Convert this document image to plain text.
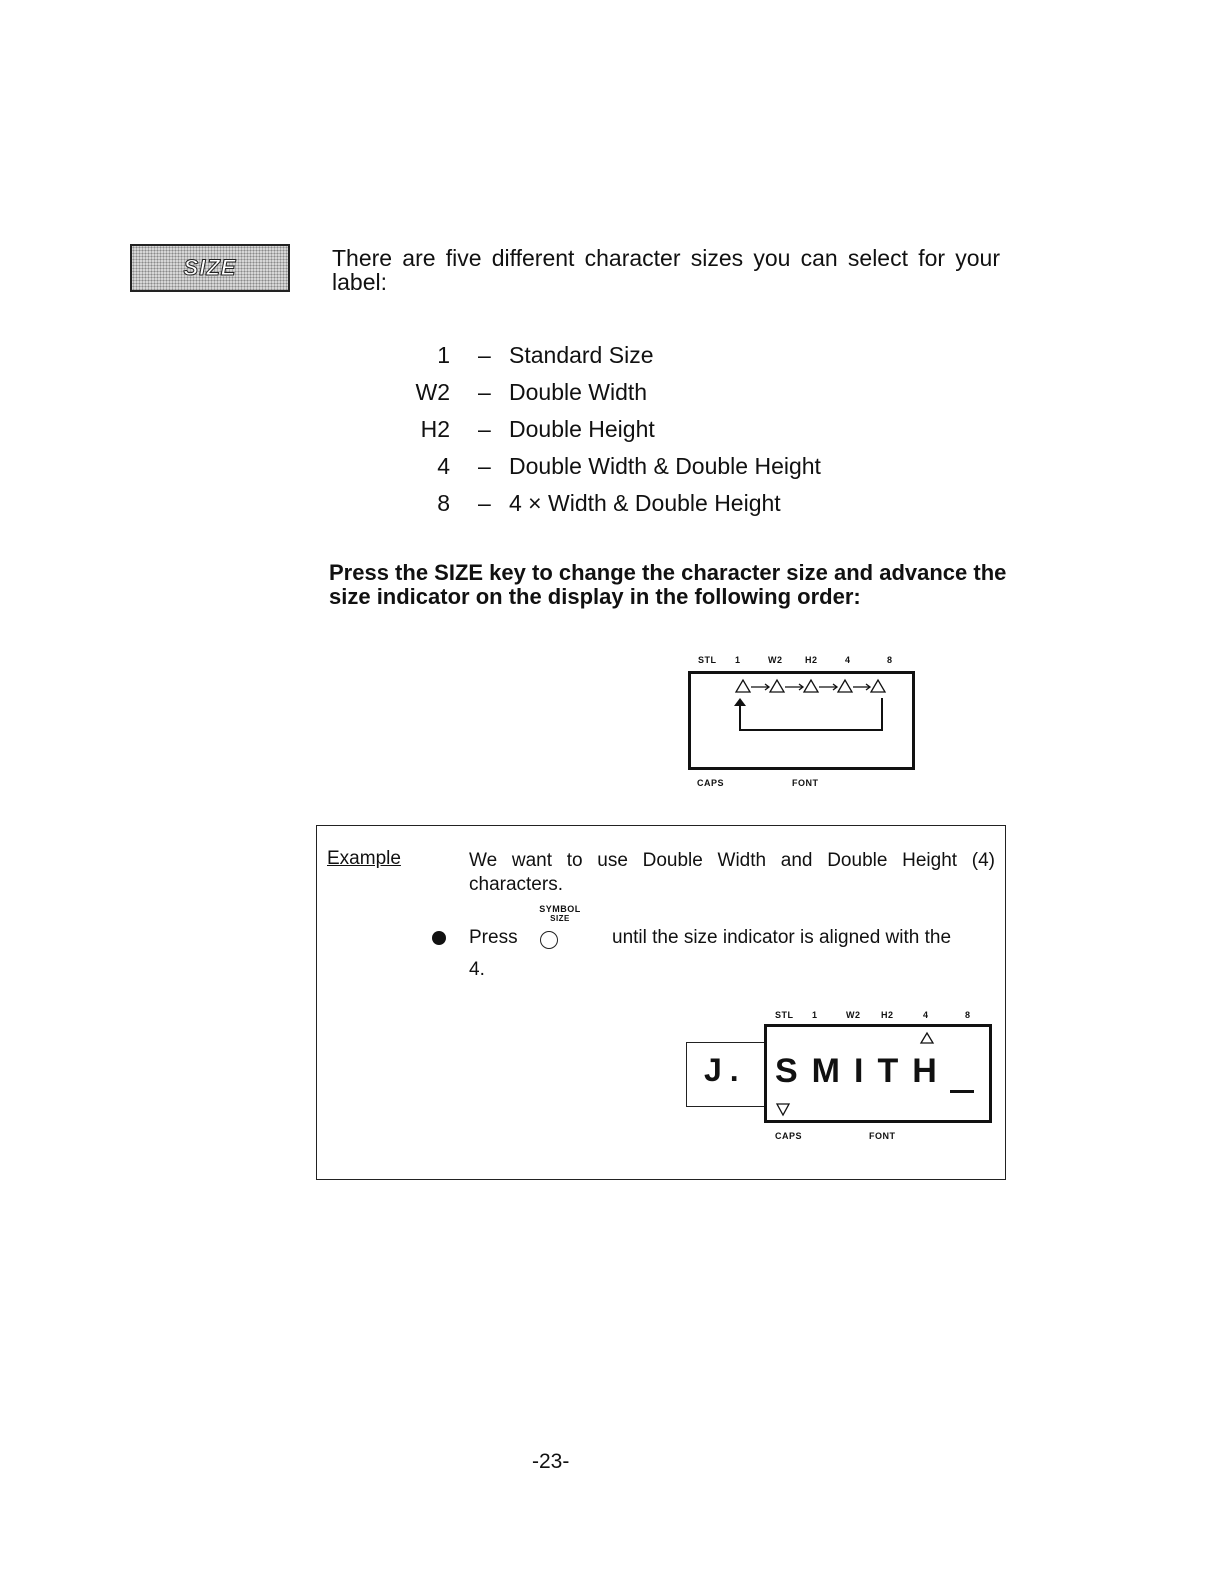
SIZE	There are five different character sizes you can select for your label:
1 – Standard Size
W2 – Double Width
H2 – Double Height
4 – Double Width & Double Height
8 – 4 × Width & Double Height
Press the SIZE key to change the character size and advance the size indicator on the display in the following order:
STL 1	W2	H2	4	8
CAPS	FONT
Example	We want to use Double Width and Double Height (4) characters.
Press
SYMBOL
SIZE
until the size indicator is aligned with the
4.
STL 1	W2 H2	4	8
J. SMITH
CAPS	FONT
-23-
